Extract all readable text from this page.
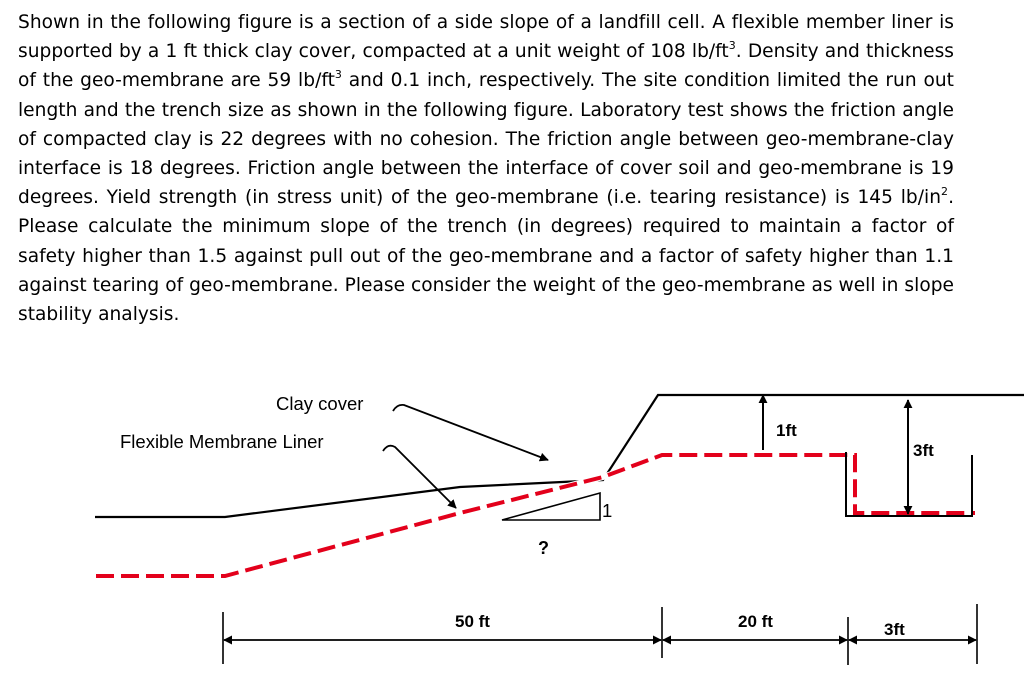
Shown in the following figure is a section of a side slope of a landfill cell. A flexible member liner is supported by a 1 ft thick clay cover, compacted at a unit weight of 108 $lb/ft^3$. Density and thickness of the geo-membrane are 59 $lb/ft^3$ and 0.1 inch, respectively. The site condition limited the run out length and the trench size as shown in the following figure. Laboratory test shows the friction angle of compacted clay is 22 degrees with no cohesion. The friction angle between geo-membrane-clay interface is 18 degrees. Friction angle between the interface of cover soil and geo-membrane is 19 degrees. Yield strength (in stress unit) of the geo-membrane (i.e. tearing resistance) is 145 $lb/in^2$. Please calculate the minimum slope of the trench (in degrees) required to maintain a factor of safety higher than 1.5 against pull out of the geo-membrane and a factor of safety higher than 1.1 against tearing of geo-membrane. Please consider the weight of the geo-membrane as well in slope stability analysis.

1
?
Clay cover
Flexible Membrane Liner
1ft
3ft
50 ft	20 ft	3ft
